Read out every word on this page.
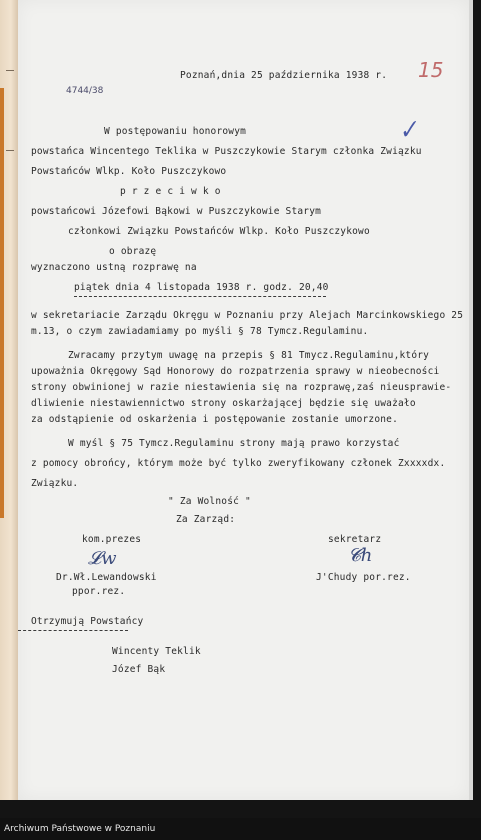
4744/38
15
✓
Poznań,dnia 25 października 1938 r.
W postępowaniu honorowym
powstańca Wincentego Teklika w Puszczykowie Starym członka Związku
Powstańców Wlkp. Koło Puszczykowo
p r z e c i w k o
powstańcowi Józefowi Bąkowi w Puszczykowie Starym
członkowi Związku Powstańców Wlkp. Koło Puszczykowo
o obrazę
wyznaczono ustną rozprawę na
piątek dnia 4 listopada 1938 r. godz. 20,40
w sekretariacie Zarządu Okręgu w Poznaniu przy Alejach Marcinkowskiego 25
m.13, o czym zawiadamiamy po myśli § 78 Tymcz.Regulaminu.
Zwracamy przytym uwagę na przepis § 81 Tmycz.Regulaminu,który
upoważnia Okręgowy Sąd Honorowy do rozpatrzenia sprawy w nieobecności
strony obwinionej w razie niestawienia się na rozprawę,zaś nieusprawie-
dliwienie niestawiennictwo strony oskarżającej będzie się uważało
za odstąpienie od oskarżenia i postępowanie zostanie umorzone.
W myśl § 75 Tymcz.Regulaminu strony mają prawo korzystać
z pomocy obrońcy, którym może być tylko zweryfikowany członek Zxxxxdx.
Związku.
" Za Wolność "
Za Zarząd:
kom.prezes
𝓛w
Dr.Wł.Lewandowski
ppor.rez.
sekretarz
𝓒h
J'Chudy por.rez.
Otrzymują Powstańcy
Wincenty Teklik
Józef Bąk
Archiwum Państwowe w Poznaniu
